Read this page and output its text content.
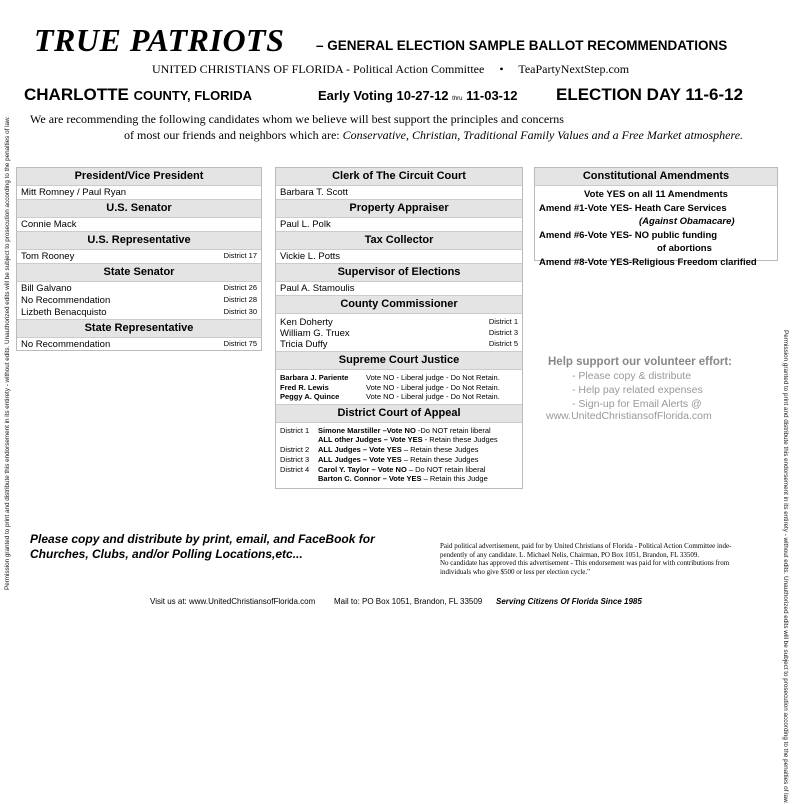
Permission granted to print and distribute this endorsement in its entirety - without edits. Unauthorized edits will be subject to prosecution according to the penalties of law.	Permission granted to print and distribute this endorsement in its entirety - without edits. Unauthorized edits will be subject to prosecution according to the penalties of law.
TRUE PATRIOTS – GENERAL ELECTION SAMPLE BALLOT RECOMMENDATIONS
UNITED CHRISTIANS OF FLORIDA - Political Action Committee • TeaPartyNextStep.com
CHARLOTTE COUNTY, FLORIDA	Early Voting 10-27-12 thru 11-03-12 ELECTION DAY 11-6-12
We are recommending the following candidates whom we believe will best support the principles and concerns
of most our friends and neighbors which are: Conservative, Christian, Traditional Family Values and a Free Market atmosphere.
President/Vice President
Mitt Romney / Paul Ryan
U.S. Senator
Connie Mack
U.S. Representative
Tom Rooney	District 17
State Senator
Bill Galvano	District 26
No Recommendation	District 28
Lizbeth Benacquisto	District 30
State Representative
No Recommendation	District 75
Clerk of The Circuit Court
Barbara T. Scott
Property Appraiser
Paul L. Polk
Tax Collector
Vickie L. Potts
Supervisor of Elections
Paul A. Stamoulis
County Commissioner
Ken Doherty	District 1
William G. Truex	District 3
Tricia Duffy	District 5
Supreme Court Justice
Barbara J. Pariente	Vote NO - Liberal judge - Do Not Retain.
Fred R. Lewis	Vote NO - Liberal judge - Do Not Retain.
Peggy A. Quince	Vote NO - Liberal judge - Do Not Retain.
District Court of Appeal
District 1	Simone Marstiller –Vote NO -Do NOT retain liberal
ALL other Judges – Vote YES - Retain these Judges
District 2	ALL Judges – Vote YES – Retain these Judges
District 3	ALL Judges – Vote YES – Retain these Judges
District 4	Carol Y. Taylor – Vote NO – Do NOT retain liberal
Barton C. Connor – Vote YES – Retain this Judge
Constitutional Amendments
Vote YES on all 11 Amendments
Amend #1-Vote YES- Heath Care Services
(Against Obamacare)
Amend #6-Vote YES- NO public funding
of abortions
Amend #8-Vote YES-Religious Freedom clarified
Help support our volunteer effort:
- Please copy & distribute
- Help pay related expenses
- Sign-up for Email Alerts @
www.UnitedChristiansofFlorida.com
Please copy and distribute by print, email, and FaceBook for
Churches, Clubs, and/or Polling Locations,etc...
Paid political advertisement, paid for by United Christians of Florida - Political Action Committee inde-
pendently of any candidate. L. Michael Nelis, Chairman, PO Box 1051, Brandon, FL 33509.
No candidate has approved this advertisement - This endorsement was paid for with contributions from
individuals who give $500 or less per election cycle."
Visit us at: www.UnitedChristiansofFlorida.com Mail to: PO Box 1051, Brandon, FL 33509 Serving Citizens Of Florida Since 1985
